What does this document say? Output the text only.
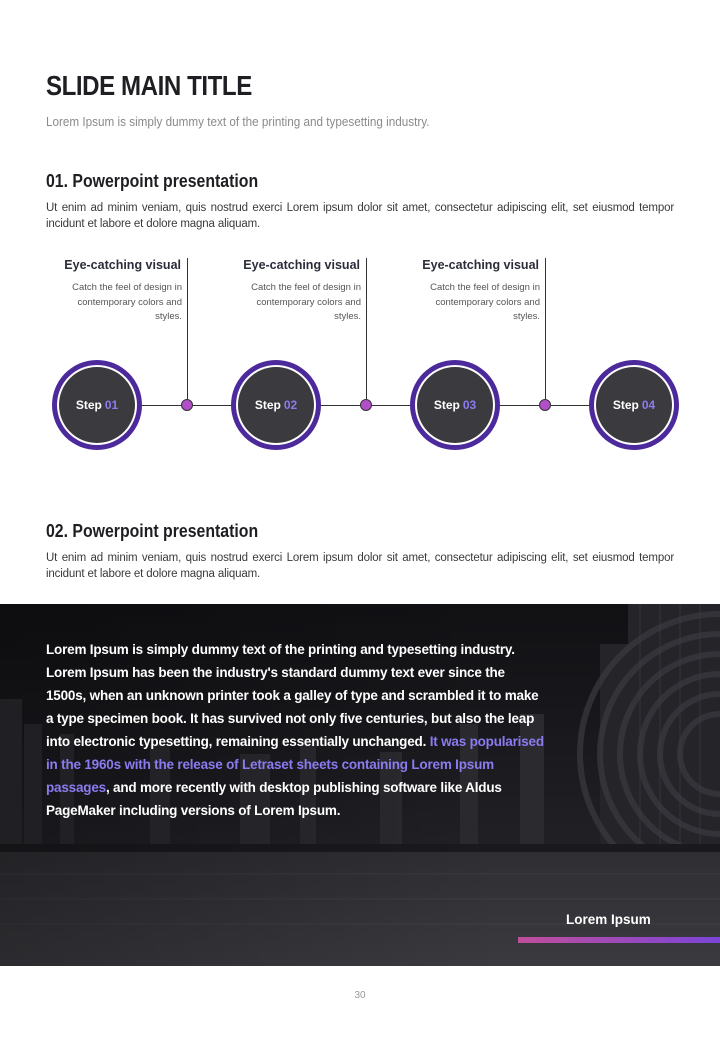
SLIDE MAIN TITLE
Lorem Ipsum is simply dummy text of the printing and typesetting industry.
01. Powerpoint presentation
Ut enim ad minim veniam, quis nostrud exerci Lorem ipsum dolor sit amet, consectetur adipiscing elit, set eiusmod tempor
incidunt et labore et dolore magna aliquam.
Eye-catching visual
Catch the feel of design in contemporary colors and styles.
Eye-catching visual
Catch the feel of design in contemporary colors and styles.
Eye-catching visual
Catch the feel of design in contemporary colors and styles.
Step 01	Step 02	Step 03	Step 04
02. Powerpoint presentation
Ut enim ad minim veniam, quis nostrud exerci Lorem ipsum dolor sit amet, consectetur adipiscing elit, set eiusmod tempor
incidunt et labore et dolore magna aliquam.
Lorem Ipsum is simply dummy text of the printing and typesetting industry. Lorem Ipsum has been the industry's standard dummy text ever since the 1500s, when an unknown printer took a galley of type and scrambled it to make a type specimen book. It has survived not only five centuries, but also the leap into electronic typesetting, remaining essentially unchanged. It was popularised in the 1960s with the release of Letraset sheets containing Lorem Ipsum passages, and more recently with desktop publishing software like Aldus PageMaker including versions of Lorem Ipsum.
Lorem Ipsum
30
